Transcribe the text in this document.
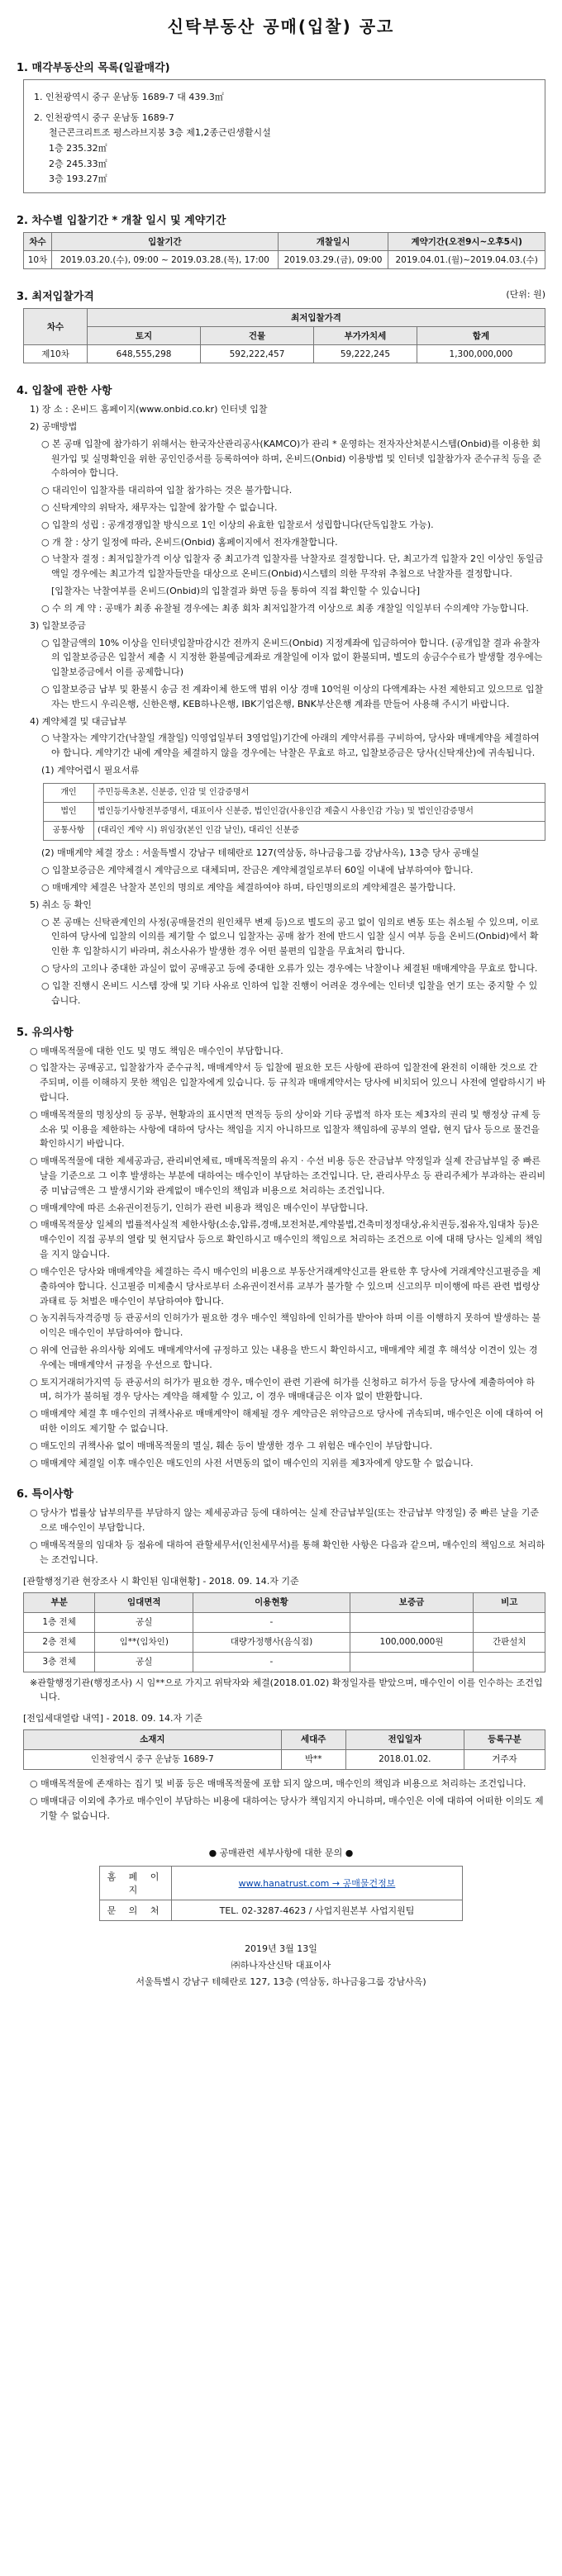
신탁부동산 공매(입찰) 공고
1. 매각부동산의 목록(일괄매각)
1. 인천광역시 중구 운남동 1689-7 대 439.3㎡
2. 인천광역시 중구 운남동 1689-7
철근콘크리트조 평스라브지붕 3층 제1,2종근린생활시설
1층 235.32㎡
2층 245.33㎡
3층 193.27㎡
2. 차수별 입찰기간 * 개찰 일시 및 계약기간
차수	입찰기간	개찰일시	계약기간(오전9시~오후5시)
10차	2019.03.20.(수), 09:00 ~ 2019.03.28.(목), 17:00	2019.03.29.(금), 09:00	2019.04.01.(월)~2019.04.03.(수)
3. 최저입찰가격	(단위: 원)
차수	최저입찰가격			
	토지	건물	부가가치세	합계
제10차	648,555,298	592,222,457	59,222,245	1,300,000,000
4. 입찰에 관한 사항
1) 장 소 : 온비드 홈페이지(www.onbid.co.kr) 인터넷 입찰
2) 공매방법
○ 본 공매 입찰에 참가하기 위해서는 한국자산관리공사(KAMCO)가 관리 * 운영하는 전자자산처분시스템(Onbid)를 이용한 회원가입 및 실명확인을 위한 공인인증서를 등록하여야 하며, 온비드(Onbid) 이용방법 및 인터넷 입찰참가자 준수규칙 등을 준수하여야 합니다.
○ 대리인이 입찰자를 대리하여 입찰 참가하는 것은 불가합니다.
○ 신탁계약의 위탁자, 채무자는 입찰에 참가할 수 없습니다.
○ 입찰의 성립 : 공개경쟁입찰 방식으로 1인 이상의 유효한 입찰로서 성립합니다(단독입찰도 가능).
○ 개 찰 : 상기 일정에 따라, 온비드(Onbid) 홈페이지에서 전자개찰합니다.
○ 낙찰자 결정 : 최저입찰가격 이상 입찰자 중 최고가격 입찰자를 낙찰자로 결정합니다. 단, 최고가격 입찰자 2인 이상인 동일금액일 경우에는 최고가격 입찰자들만을 대상으로 온비드(Onbid)시스템의 의한 무작위 추첨으로 낙찰자를 결정합니다.
[입찰자는 낙찰여부를 온비드(Onbid)의 입찰결과 화면 등을 통하여 직접 확인할 수 있습니다]
○ 수 의 계 약 : 공매가 최종 유찰될 경우에는 최종 회차 최저입찰가격 이상으로 최종 개찰일 익일부터 수의계약 가능합니다.
3) 입찰보증금
○ 입찰금액의 10% 이상을 인터넷입찰마감시간 전까지 온비드(Onbid) 지정계좌에 입금하여야 합니다. (공개입찰 결과 유찰자의 입찰보증금은 입찰서 제출 시 지정한 환불예금계좌로 개찰일에 이자 없이 환불되며, 별도의 송금수수료가 발생할 경우에는 입찰보증금에서 이를 공제합니다)
○ 입찰보증금 납부 및 환불시 송금 전 계좌이체 한도액 범위 이상 경매 10억원 이상의 다액계좌는 사전 제한되고 있으므로 입찰자는 반드시 우리은행, 신한은행, KEB하나은행, IBK기업은행, BNK부산은행 계좌를 만들어 사용해 주시기 바랍니다.
4) 계약체결 및 대금납부
○ 낙찰자는 계약기간(낙찰일 개찰일) 익영업일부터 3영업일)기간에 아래의 계약서류를 구비하여, 당사와 매매계약을 체결하여야 합니다. 계약기간 내에 계약을 체결하지 않을 경우에는 낙찰은 무효로 하고, 입찰보증금은 당사(신탁재산)에 귀속됩니다.
(1) 계약어렵시 필요서류
개인	주민등록초본, 신분증, 인감 및 인감증명서
법인	법인등기사항전부증명서, 대표이사 신분증, 법인인감(사용인감 제출시 사용인감 가능) 및 법인인감증명서
공통사항	(대리인 계약 시) 위임장(본인 인감 날인), 대리인 신분증
(2) 매매계약 체결 장소 : 서울특별시 강남구 테헤란로 127(역삼동, 하나금융그룹 강남사옥), 13층 당사 공매실
○ 입찰보증금은 계약체결시 계약금으로 대체되며, 잔금은 계약체결일로부터 60일 이내에 납부하여야 합니다.
○ 매매계약 체결은 낙찰자 본인의 명의로 계약을 체결하여야 하며, 타인명의로의 계약체결은 불가합니다.
5) 취소 등 확인
○ 본 공매는 신탁관계인의 사정(공매물건의 원인채무 변제 등)으로 별도의 공고 없이 임의로 변동 또는 취소될 수 있으며, 이로 인하여 당사에 입찰의 이의를 제기할 수 없으니 입찰자는 공매 참가 전에 반드시 입찰 실시 여부 등을 온비드(Onbid)에서 확인한 후 입찰하시기 바라며, 취소사유가 발생한 경우 어떤 불편의 입찰을 무효처리 합니다.
○ 당사의 고의나 중대한 과실이 없이 공매공고 등에 중대한 오류가 있는 경우에는 낙찰이나 체결된 매매계약을 무효로 합니다.
○ 입찰 진행시 온비드 시스템 장애 및 기타 사유로 인하여 입찰 진행이 어려운 경우에는 인터넷 입찰을 연기 또는 중지할 수 있습니다.
5. 유의사항
○ 매매목적물에 대한 인도 및 명도 책임은 매수인이 부담합니다.
○ 입찰자는 공매공고, 입찰참가자 준수규칙, 매매계약서 등 입찰에 필요한 모든 사항에 관하여 입찰전에 완전히 이해한 것으로 간주되며, 이를 이해하지 못한 책임은 입찰자에게 있습니다. 등 규칙과 매매계약서는 당사에 비치되어 있으니 사전에 열람하시기 바랍니다.
○ 매매목적물의 명칭상의 등 공부, 현황과의 표시면적 면적등 등의 상이와 기타 공법적 하자 또는 제3자의 권리 및 행정상 규제 등 소유 및 이용을 제한하는 사항에 대하여 당사는 책임을 지지 아니하므로 입찰자 책임하에 공부의 열람, 현지 답사 등으로 물건을 확인하시기 바랍니다.
○ 매매목적물에 대한 제세공과금, 관리비연체료, 매매목적물의 유지 · 수선 비용 등은 잔금납부 약정일과 실제 잔금납부일 중 빠른 날을 기준으로 그 이후 발생하는 부분에 대하여는 매수인이 부담하는 조건입니다. 단, 관리사무소 등 관리주체가 부과하는 관리비 중 미납금액은 그 발생시기와 관계없이 매수인의 책임과 비용으로 처리하는 조건입니다.
○ 매매계약에 따른 소유권이전등기, 인허가 관련 비용과 책임은 매수인이 부담합니다.
○ 매매목적물상 일체의 법률적사실적 제한사항(소송,압류,경매,보전처분,계약불법,건축미정정대상,유치권등,점유자,임대차 등)은 매수인이 직접 공부의 열람 및 현지답사 등으로 확인하시고 매수인의 책임으로 처리하는 조건으로 이에 대해 당사는 일체의 책임을 지지 않습니다.
○ 매수인은 당사와 매매계약을 체결하는 즉시 매수인의 비용으로 부동산거래계약신고를 완료한 후 당사에 거래계약신고필증을 제출하여야 합니다. 신고필증 미제출시 당사로부터 소유권이전서류 교부가 불가할 수 있으며 신고의무 미이행에 따른 관련 법령상 과태료 등 처벌은 매수인이 부담하여야 합니다.
○ 농지취득자격증명 등 관공서의 인허가가 필요한 경우 매수인 책임하에 인허가를 받아야 하며 이를 이행하지 못하여 발생하는 불이익은 매수인이 부담하여야 합니다.
○ 위에 언급한 유의사항 외에도 매매계약서에 규정하고 있는 내용을 반드시 확인하시고, 매매계약 체결 후 해석상 이견이 있는 경우에는 매매계약서 규정을 우선으로 합니다.
○ 토지거래허가지역 등 관공서의 허가가 필요한 경우, 매수인이 관련 기관에 허가를 신청하고 허가서 등을 당사에 제출하여야 하며, 허가가 불허될 경우 당사는 계약을 해제할 수 있고, 이 경우 매매대금은 이자 없이 반환합니다.
○ 매매계약 체결 후 매수인의 귀책사유로 매매계약이 해제될 경우 계약금은 위약금으로 당사에 귀속되며, 매수인은 이에 대하여 어떠한 이의도 제기할 수 없습니다.
○ 매도인의 귀책사유 없이 매매목적물의 멸실, 훼손 등이 발생한 경우 그 위험은 매수인이 부담합니다.
○ 매매계약 체결일 이후 매수인은 매도인의 사전 서면동의 없이 매수인의 지위를 제3자에게 양도할 수 없습니다.
6. 특이사항
○ 당사가 법률상 납부의무를 부담하지 않는 제세공과금 등에 대하여는 실제 잔금납부일(또는 잔금납부 약정일) 중 빠른 날을 기준으로 매수인이 부담합니다.
○ 매매목적물의 임대차 등 점유에 대하여 관할세무서(인천세무서)를 통해 확인한 사항은 다음과 같으며, 매수인의 책임으로 처리하는 조건입니다.
[관할행정기관 현장조사 시 확인된 임대현황] - 2018. 09. 14.자 기준
부분	임대면적	이용현황	보증금	비고
1층 전체	공실	-		
2층 전체	임**(임차인)	대량가정행사(음식점)	100,000,000원	간판설치
3층 전체	공실	-		
※관할행정기관(행정조사) 시 임**으로 가지고 위탁자와 체결(2018.01.02) 확정일자를 받았으며, 매수인이 이를 인수하는 조건입니다.
[전입세대열람 내역] - 2018. 09. 14.자 기준
소재지	세대주	전입일자	등록구분
인천광역시 중구 운남동 1689-7	박**	2018.01.02.	거주자
○ 매매목적물에 존재하는 집기 및 비품 등은 매매목적물에 포함 되지 않으며, 매수인의 책임과 비용으로 처리하는 조건입니다.
○ 매매대금 이외에 추가로 매수인이 부담하는 비용에 대하여는 당사가 책임지지 아니하며, 매수인은 이에 대하여 어떠한 이의도 제기할 수 없습니다.
● 공매관련 세부사항에 대한 문의 ●
홈 페 이 지	www.hanatrust.com → 공매물건정보
문 의 처	TEL. 02-3287-4623 / 사업지원본부 사업지원팀
2019년 3월 13일
㈜하나자산신탁 대표이사
서울특별시 강남구 테헤란로 127, 13층 (역삼동, 하나금융그룹 강남사옥)
